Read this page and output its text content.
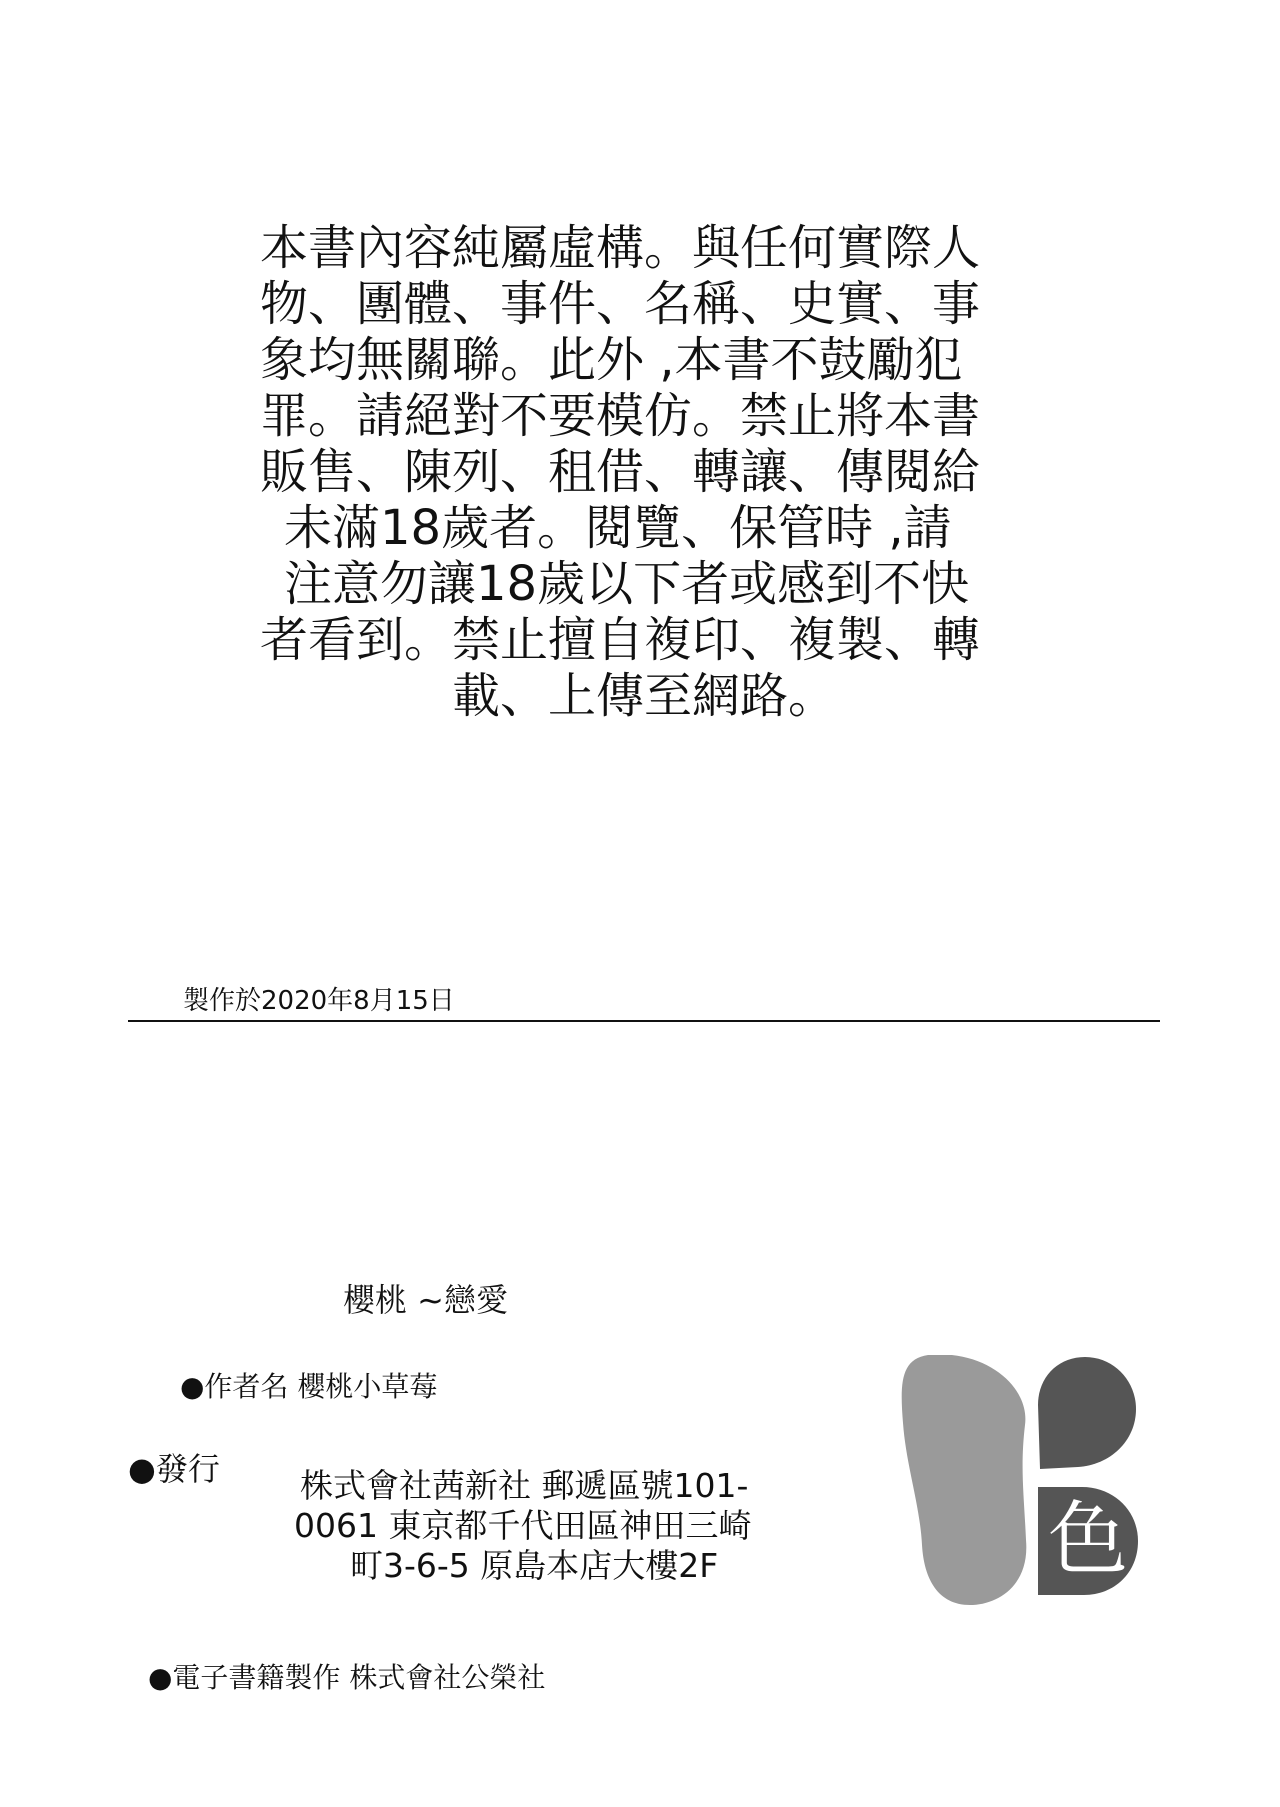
本書內容純屬虛構。與任何實際人
物、團體、事件、名稱、史實、事
象均無關聯。此外 ,本書不鼓勵犯
罪。請絕對不要模仿。禁止將本書
販售、陳列、租借、轉讓、傳閱給
未滿18歲者。閱覽、保管時 ,請
注意勿讓18歲以下者或感到不快
者看到。禁止擅自複印、複製、轉
載、上傳至網路。
製作於2020年8月15日
櫻桃 ~戀愛
●作者名 櫻桃小草莓
●發行 株式會社茜新社 郵遞區號101-
0061 東京都千代田區神田三崎
町3-6-5 原島本店大樓2F
●電子書籍製作 株式會社公榮社
色
